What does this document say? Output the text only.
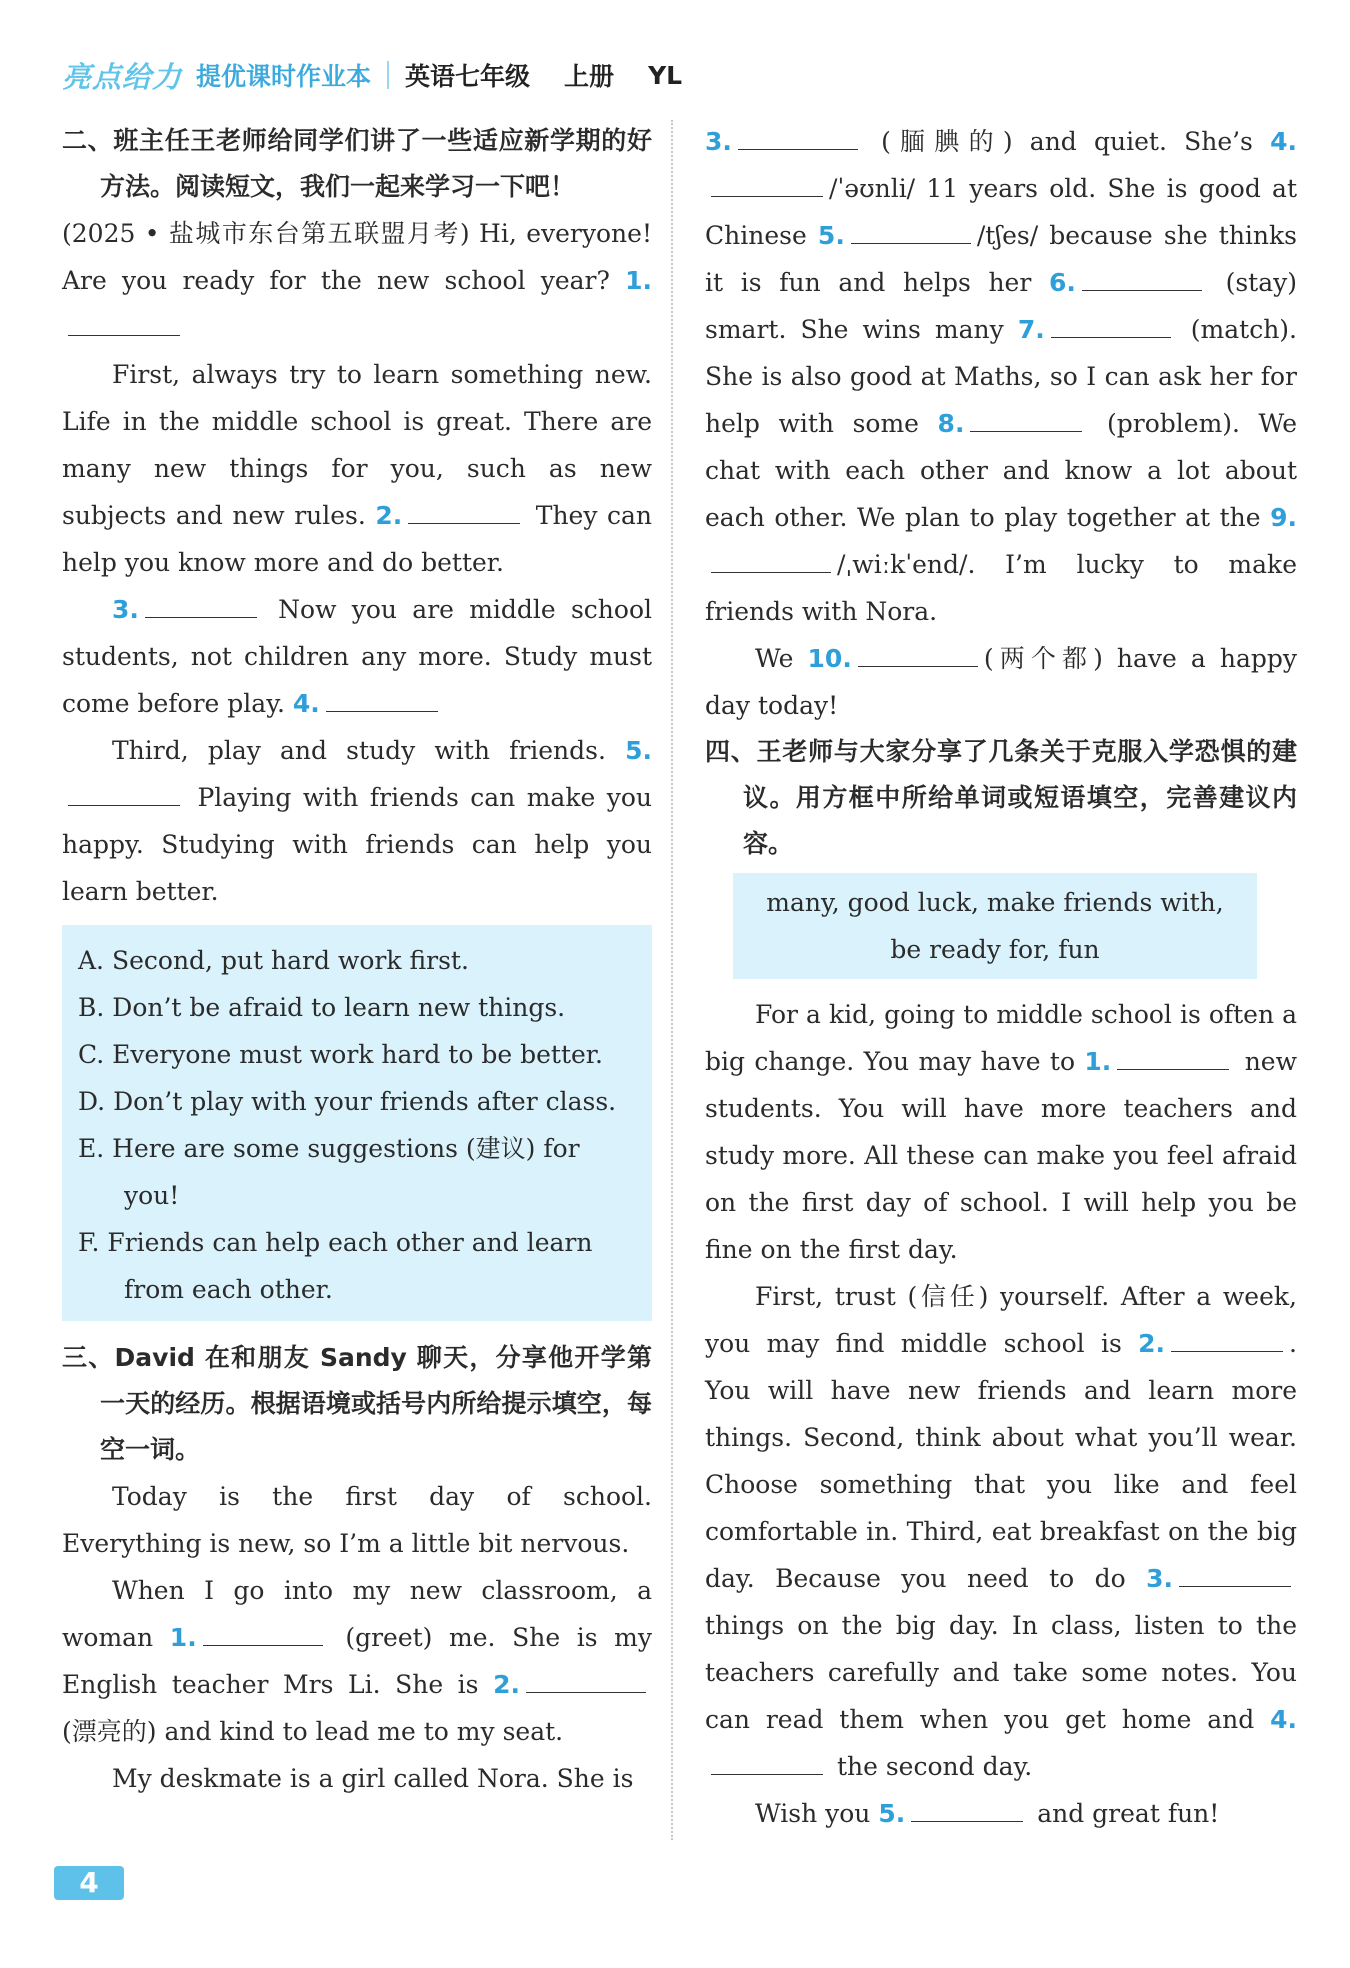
亮点给力 提优课时作业本 英语七年级 上册 YL

二、班主任王老师给同学们讲了一些适应新学期的好方法。阅读短文，我们一起来学习一下吧！

(2025 • 盐城市东台第五联盟月考) Hi, everyone! Are you ready for the new school year? 1.

First, always try to learn something new. Life in the middle school is great. There are many new things for you, such as new subjects and new rules. 2.	They can help you know more and do better.

3.	Now you are middle school students, not children any more. Study must come before play. 4.

Third, play and study with friends. 5. Playing with friends can make you happy. Studying with friends can help you learn better.

A. Second, put hard work first.
B. Don’t be afraid to learn new things.
C. Everyone must work hard to be better.
D. Don’t play with your friends after class.
E. Here are some suggestions (建议) for you!
F. Friends can help each other and learn from each other.

三、David 在和朋友 Sandy 聊天，分享他开学第一天的经历。根据语境或括号内所给提示填空，每空一词。

Today is the first day of school. Everything is new, so I’m a little bit nervous.

When I go into my new classroom, a woman 1.	(greet) me. She is my English teacher Mrs Li. She is 2. (漂亮的) and kind to lead me to my seat.

My deskmate is a girl called Nora. She is

3.	(腼腆的) and quiet. She’s 4./ˈəʊnli/ 11 years old. She is good at Chinese 5.	/tʃes/ because she thinks it is fun and helps her 6.	(stay) smart. She wins many 7.	(match). She is also good at Maths, so I can ask her for help with some 8.	(problem). We chat with each other and know a lot about each other. We plan to play together at the 9./ˌwiːkˈend/. I’m lucky to make friends with Nora.

We 10.	(两个都) have a happy day today!

四、王老师与大家分享了几条关于克服入学恐惧的建议。用方框中所给单词或短语填空，完善建议内容。

many, good luck, make friends with,
be ready for, fun

For a kid, going to middle school is often a big change. You may have to 1.	new students. You will have more teachers and study more. All these can make you feel afraid on the first day of school. I will help you be fine on the first day.

First, trust (信任) yourself. After a week, you may find middle school is 2.	. You will have new friends and learn more things. Second, think about what you’ll wear. Choose something that you like and feel comfortable in. Third, eat breakfast on the big day. Because you need to do 3. things on the big day. In class, listen to the teachers carefully and take some notes. You can read them when you get home and 4. the second day.

Wish you 5.	and great fun!

4
